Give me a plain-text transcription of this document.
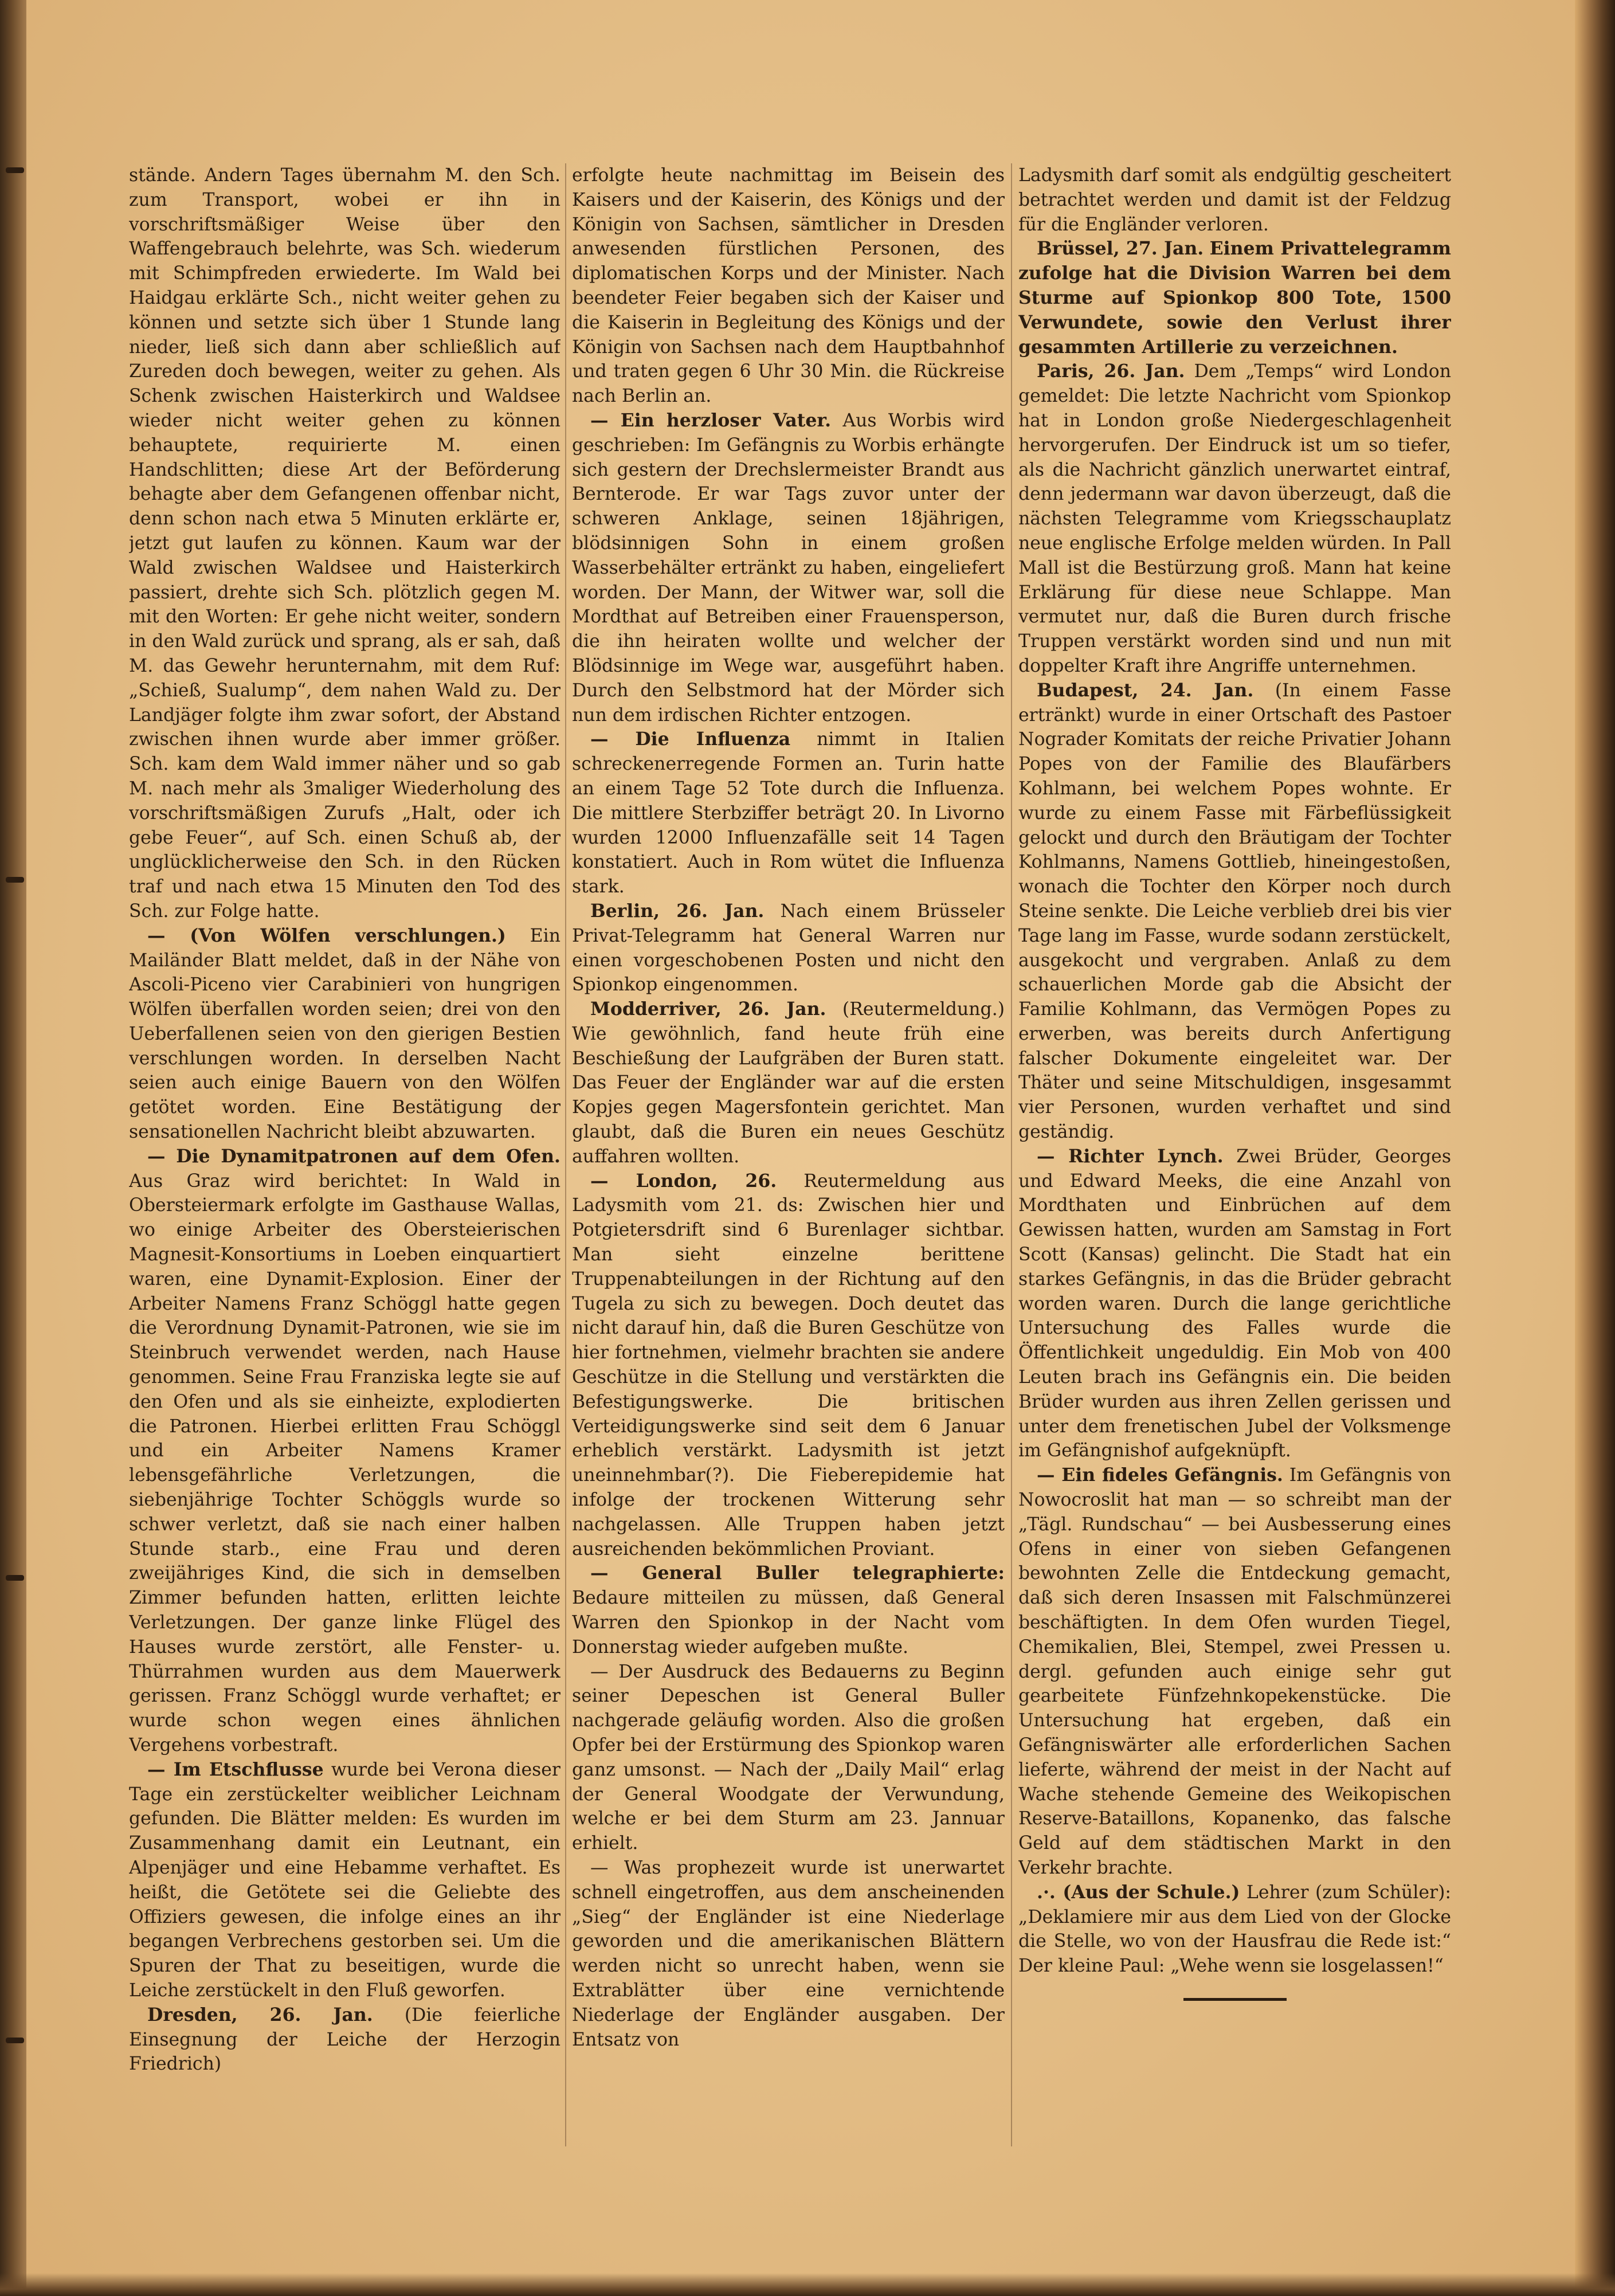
stände. Andern Tages übernahm M. den Sch. zum Transport, wobei er ihn in vorschriftsmäßiger Weise über den Waffengebrauch belehrte, was Sch. wiederum mit Schimpfreden erwiederte. Im Wald bei Haidgau erklärte Sch., nicht weiter gehen zu können und setzte sich über 1 Stunde lang nieder, ließ sich dann aber schließlich auf Zureden doch bewegen, weiter zu gehen. Als Schenk zwischen Haisterkirch und Waldsee wieder nicht weiter gehen zu können behauptete, requirierte M. einen Handschlitten; diese Art der Beförderung behagte aber dem Gefangenen offenbar nicht, denn schon nach etwa 5 Minuten erklärte er, jetzt gut laufen zu können. Kaum war der Wald zwischen Waldsee und Haisterkirch passiert, drehte sich Sch. plötzlich gegen M. mit den Worten: Er gehe nicht weiter, sondern in den Wald zurück und sprang, als er sah, daß M. das Gewehr herunternahm, mit dem Ruf: „Schieß, Sualump“, dem nahen Wald zu. Der Landjäger folgte ihm zwar sofort, der Abstand zwischen ihnen wurde aber immer größer. Sch. kam dem Wald immer näher und so gab M. nach mehr als 3maliger Wiederholung des vorschriftsmäßigen Zurufs „Halt, oder ich gebe Feuer“, auf Sch. einen Schuß ab, der unglücklicherweise den Sch. in den Rücken traf und nach etwa 15 Minuten den Tod des Sch. zur Folge hatte.

— (Von Wölfen verschlungen.) Ein Mailänder Blatt meldet, daß in der Nähe von Ascoli-Piceno vier Carabinieri von hungrigen Wölfen überfallen worden seien; drei von den Ueberfallenen seien von den gierigen Bestien verschlungen worden. In derselben Nacht seien auch einige Bauern von den Wölfen getötet worden. Eine Bestätigung der sensationellen Nachricht bleibt abzuwarten.

— Die Dynamitpatronen auf dem Ofen. Aus Graz wird berichtet: In Wald in Obersteiermark erfolgte im Gasthause Wallas, wo einige Arbeiter des Obersteierischen Magnesit-Konsortiums in Loeben einquartiert waren, eine Dynamit-Explosion. Einer der Arbeiter Namens Franz Schöggl hatte gegen die Verordnung Dynamit-Patronen, wie sie im Steinbruch verwendet werden, nach Hause genommen. Seine Frau Franziska legte sie auf den Ofen und als sie einheizte, explodierten die Patronen. Hierbei erlitten Frau Schöggl und ein Arbeiter Namens Kramer lebensgefährliche Verletzungen, die siebenjährige Tochter Schöggls wurde so schwer verletzt, daß sie nach einer halben Stunde starb., eine Frau und deren zweijähriges Kind, die sich in demselben Zimmer befunden hatten, erlitten leichte Verletzungen. Der ganze linke Flügel des Hauses wurde zerstört, alle Fenster- u. Thürrahmen wurden aus dem Mauerwerk gerissen. Franz Schöggl wurde verhaftet; er wurde schon wegen eines ähnlichen Vergehens vorbestraft.

— Im Etschflusse wurde bei Verona dieser Tage ein zerstückelter weiblicher Leichnam gefunden. Die Blätter melden: Es wurden im Zusammenhang damit ein Leutnant, ein Alpenjäger und eine Hebamme verhaftet. Es heißt, die Getötete sei die Geliebte des Offiziers gewesen, die infolge eines an ihr begangen Verbrechens gestorben sei. Um die Spuren der That zu beseitigen, wurde die Leiche zerstückelt in den Fluß geworfen.

Dresden, 26. Jan. (Die feierliche Einsegnung der Leiche der Herzogin Friedrich)

erfolgte heute nachmittag im Beisein des Kaisers und der Kaiserin, des Königs und der Königin von Sachsen, sämtlicher in Dresden anwesenden fürstlichen Personen, des diplomatischen Korps und der Minister. Nach beendeter Feier begaben sich der Kaiser und die Kaiserin in Begleitung des Königs und der Königin von Sachsen nach dem Hauptbahnhof und traten gegen 6 Uhr 30 Min. die Rückreise nach Berlin an.

— Ein herzloser Vater. Aus Worbis wird geschrieben: Im Gefängnis zu Worbis erhängte sich gestern der Drechslermeister Brandt aus Bernterode. Er war Tags zuvor unter der schweren Anklage, seinen 18jährigen, blödsinnigen Sohn in einem großen Wasserbehälter ertränkt zu haben, eingeliefert worden. Der Mann, der Witwer war, soll die Mordthat auf Betreiben einer Frauensperson, die ihn heiraten wollte und welcher der Blödsinnige im Wege war, ausgeführt haben. Durch den Selbstmord hat der Mörder sich nun dem irdischen Richter entzogen.

— Die Influenza nimmt in Italien schreckenerregende Formen an. Turin hatte an einem Tage 52 Tote durch die Influenza. Die mittlere Sterbziffer beträgt 20. In Livorno wurden 12000 Influenzafälle seit 14 Tagen konstatiert. Auch in Rom wütet die Influenza stark.

Berlin, 26. Jan. Nach einem Brüsseler Privat-Telegramm hat General Warren nur einen vorgeschobenen Posten und nicht den Spionkop eingenommen.

Modderriver, 26. Jan. (Reutermeldung.) Wie gewöhnlich, fand heute früh eine Beschießung der Laufgräben der Buren statt. Das Feuer der Engländer war auf die ersten Kopjes gegen Magersfontein gerichtet. Man glaubt, daß die Buren ein neues Geschütz auffahren wollten.

— London, 26. Reutermeldung aus Ladysmith vom 21. ds: Zwischen hier und Potgietersdrift sind 6 Burenlager sichtbar. Man sieht einzelne berittene Truppenabteilungen in der Richtung auf den Tugela zu sich zu bewegen. Doch deutet das nicht darauf hin, daß die Buren Geschütze von hier fortnehmen, vielmehr brachten sie andere Geschütze in die Stellung und verstärkten die Befestigungswerke. Die britischen Verteidigungswerke sind seit dem 6 Januar erheblich verstärkt. Ladysmith ist jetzt uneinnehmbar(?). Die Fieberepidemie hat infolge der trockenen Witterung sehr nachgelassen. Alle Truppen haben jetzt ausreichenden bekömmlichen Proviant.

— General Buller telegraphierte: Bedaure mitteilen zu müssen, daß General Warren den Spionkop in der Nacht vom Donnerstag wieder aufgeben mußte.

— Der Ausdruck des Bedauerns zu Beginn seiner Depeschen ist General Buller nachgerade geläufig worden. Also die großen Opfer bei der Erstürmung des Spionkop waren ganz umsonst. — Nach der „Daily Mail“ erlag der General Woodgate der Verwundung, welche er bei dem Sturm am 23. Jannuar erhielt.

— Was prophezeit wurde ist unerwartet schnell eingetroffen, aus dem anscheinenden „Sieg“ der Engländer ist eine Niederlage geworden und die amerikanischen Blättern werden nicht so unrecht haben, wenn sie Extrablätter über eine vernichtende Niederlage der Engländer ausgaben. Der Entsatz von

Ladysmith darf somit als endgültig gescheitert betrachtet werden und damit ist der Feldzug für die Engländer verloren.

Brüssel, 27. Jan. Einem Privattelegramm zufolge hat die Division Warren bei dem Sturme auf Spionkop 800 Tote, 1500 Verwundete, sowie den Verlust ihrer gesammten Artillerie zu verzeichnen.

Paris, 26. Jan. Dem „Temps“ wird London gemeldet: Die letzte Nachricht vom Spionkop hat in London große Niedergeschlagenheit hervorgerufen. Der Eindruck ist um so tiefer, als die Nachricht gänzlich unerwartet eintraf, denn jedermann war davon überzeugt, daß die nächsten Telegramme vom Kriegsschauplatz neue englische Erfolge melden würden. In Pall Mall ist die Bestürzung groß. Mann hat keine Erklärung für diese neue Schlappe. Man vermutet nur, daß die Buren durch frische Truppen verstärkt worden sind und nun mit doppelter Kraft ihre Angriffe unternehmen.

Budapest, 24. Jan. (In einem Fasse ertränkt) wurde in einer Ortschaft des Pastoer Nograder Komitats der reiche Privatier Johann Popes von der Familie des Blaufärbers Kohlmann, bei welchem Popes wohnte. Er wurde zu einem Fasse mit Färbeflüssigkeit gelockt und durch den Bräutigam der Tochter Kohlmanns, Namens Gottlieb, hineingestoßen, wonach die Tochter den Körper noch durch Steine senkte. Die Leiche verblieb drei bis vier Tage lang im Fasse, wurde sodann zerstückelt, ausgekocht und vergraben. Anlaß zu dem schauerlichen Morde gab die Absicht der Familie Kohlmann, das Vermögen Popes zu erwerben, was bereits durch Anfertigung falscher Dokumente eingeleitet war. Der Thäter und seine Mitschuldigen, insgesammt vier Personen, wurden verhaftet und sind geständig.

— Richter Lynch. Zwei Brüder, Georges und Edward Meeks, die eine Anzahl von Mordthaten und Einbrüchen auf dem Gewissen hatten, wurden am Samstag in Fort Scott (Kansas) gelincht. Die Stadt hat ein starkes Gefängnis, in das die Brüder gebracht worden waren. Durch die lange gerichtliche Untersuchung des Falles wurde die Öffentlichkeit ungeduldig. Ein Mob von 400 Leuten brach ins Gefängnis ein. Die beiden Brüder wurden aus ihren Zellen gerissen und unter dem frenetischen Jubel der Volksmenge im Gefängnishof aufgeknüpft.

— Ein fideles Gefängnis. Im Gefängnis von Nowocroslit hat man — so schreibt man der „Tägl. Rundschau“ — bei Ausbesserung eines Ofens in einer von sieben Gefangenen bewohnten Zelle die Entdeckung gemacht, daß sich deren Insassen mit Falschmünzerei beschäftigten. In dem Ofen wurden Tiegel, Chemikalien, Blei, Stempel, zwei Pressen u. dergl. gefunden auch einige sehr gut gearbeitete Fünfzehnkopekenstücke. Die Untersuchung hat ergeben, daß ein Gefängniswärter alle erforderlichen Sachen lieferte, während der meist in der Nacht auf Wache stehende Gemeine des Weikopischen Reserve-Bataillons, Kopanenko, das falsche Geld auf dem städtischen Markt in den Verkehr brachte.

.·. (Aus der Schule.) Lehrer (zum Schüler): „Deklamiere mir aus dem Lied von der Glocke die Stelle, wo von der Hausfrau die Rede ist:“ Der kleine Paul: „Wehe wenn sie losgelassen!“
